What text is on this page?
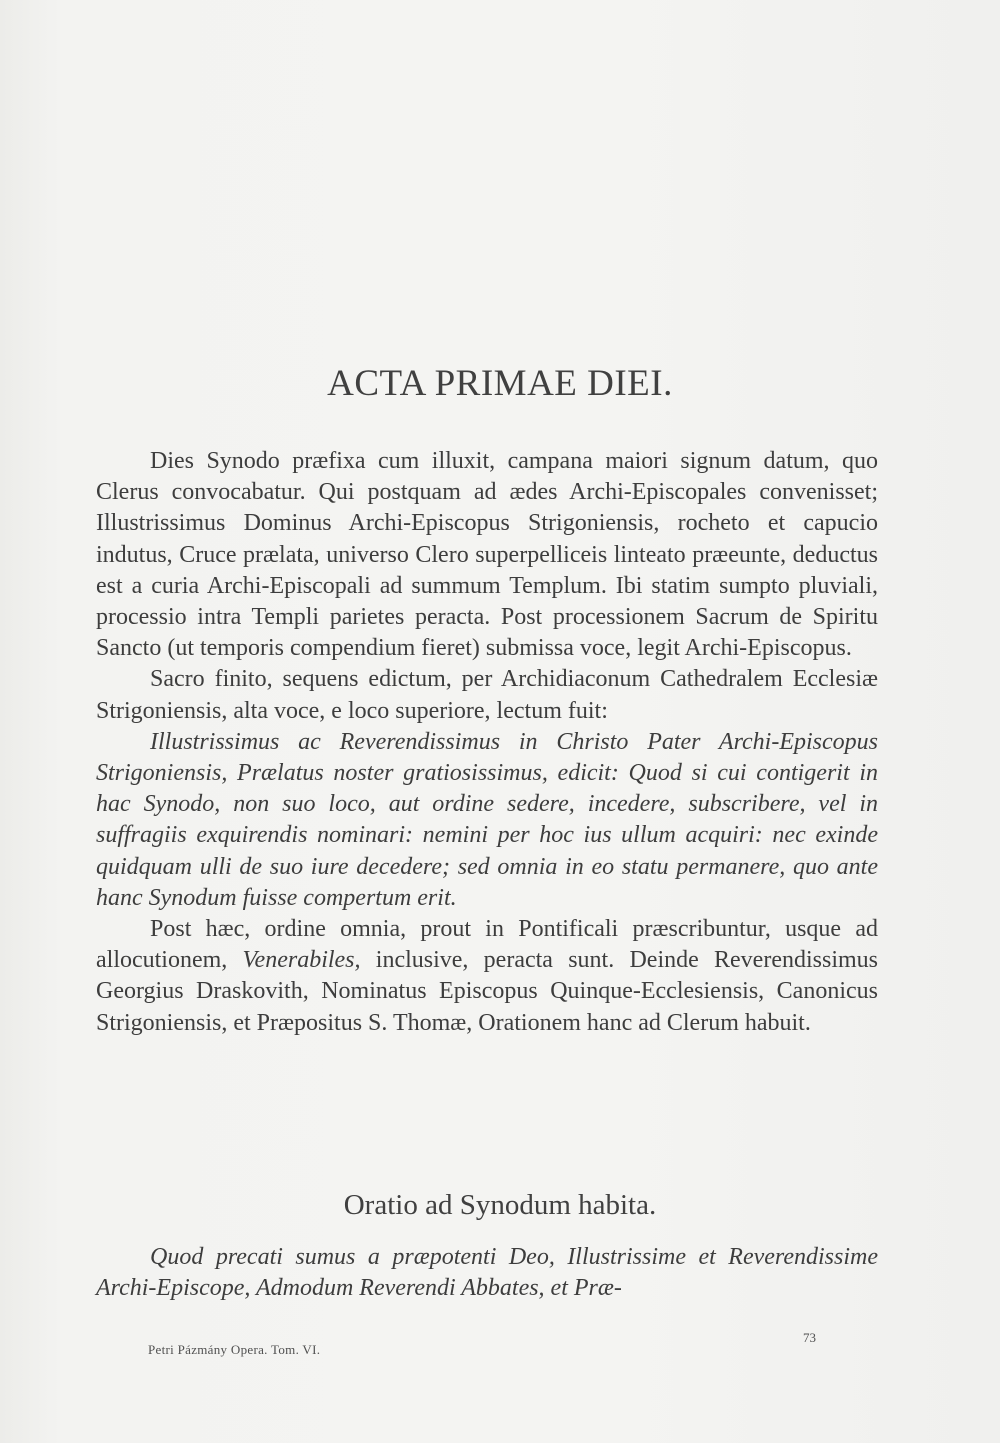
ACTA PRIMAE DIEI.

Dies Synodo præfixa cum illuxit, campana maiori signum datum, quo Clerus convocabatur. Qui postquam ad ædes Archi-Episcopales convenisset; Illustrissimus Dominus Archi-Episcopus Strigoniensis, rocheto et capucio indutus, Cruce prælata, universo Clero superpelliceis linteato præeunte, deductus est a curia Archi-Episcopali ad summum Templum. Ibi statim sumpto pluviali, processio intra Templi parietes peracta. Post processionem Sacrum de Spiritu Sancto (ut temporis compendium fieret) submissa voce, legit Archi-Episcopus.

Sacro finito, sequens edictum, per Archidiaconum Cathedralem Ecclesiæ Strigoniensis, alta voce, e loco superiore, lectum fuit:

Illustrissimus ac Reverendissimus in Christo Pater Archi-Episcopus Strigoniensis, Prælatus noster gratiosissimus, edicit: Quod si cui contigerit in hac Synodo, non suo loco, aut ordine sedere, incedere, subscribere, vel in suffragiis exquirendis nominari: nemini per hoc ius ullum acquiri: nec exinde quidquam ulli de suo iure decedere; sed omnia in eo statu permanere, quo ante hanc Synodum fuisse compertum erit.

Post hæc, ordine omnia, prout in Pontificali præscribuntur, usque ad allocutionem, Venerabiles, inclusive, peracta sunt. Deinde Reverendissimus Georgius Draskovith, Nominatus Episcopus Quinque-Ecclesiensis, Canonicus Strigoniensis, et Præpositus S. Thomæ, Orationem hanc ad Clerum habuit.

Oratio ad Synodum habita.

Quod precati sumus a præpotenti Deo, Illustrissime et Reverendissime Archi-Episcope, Admodum Reverendi Abbates, et Præ-

Petri Pázmány Opera. Tom. VI.
73
